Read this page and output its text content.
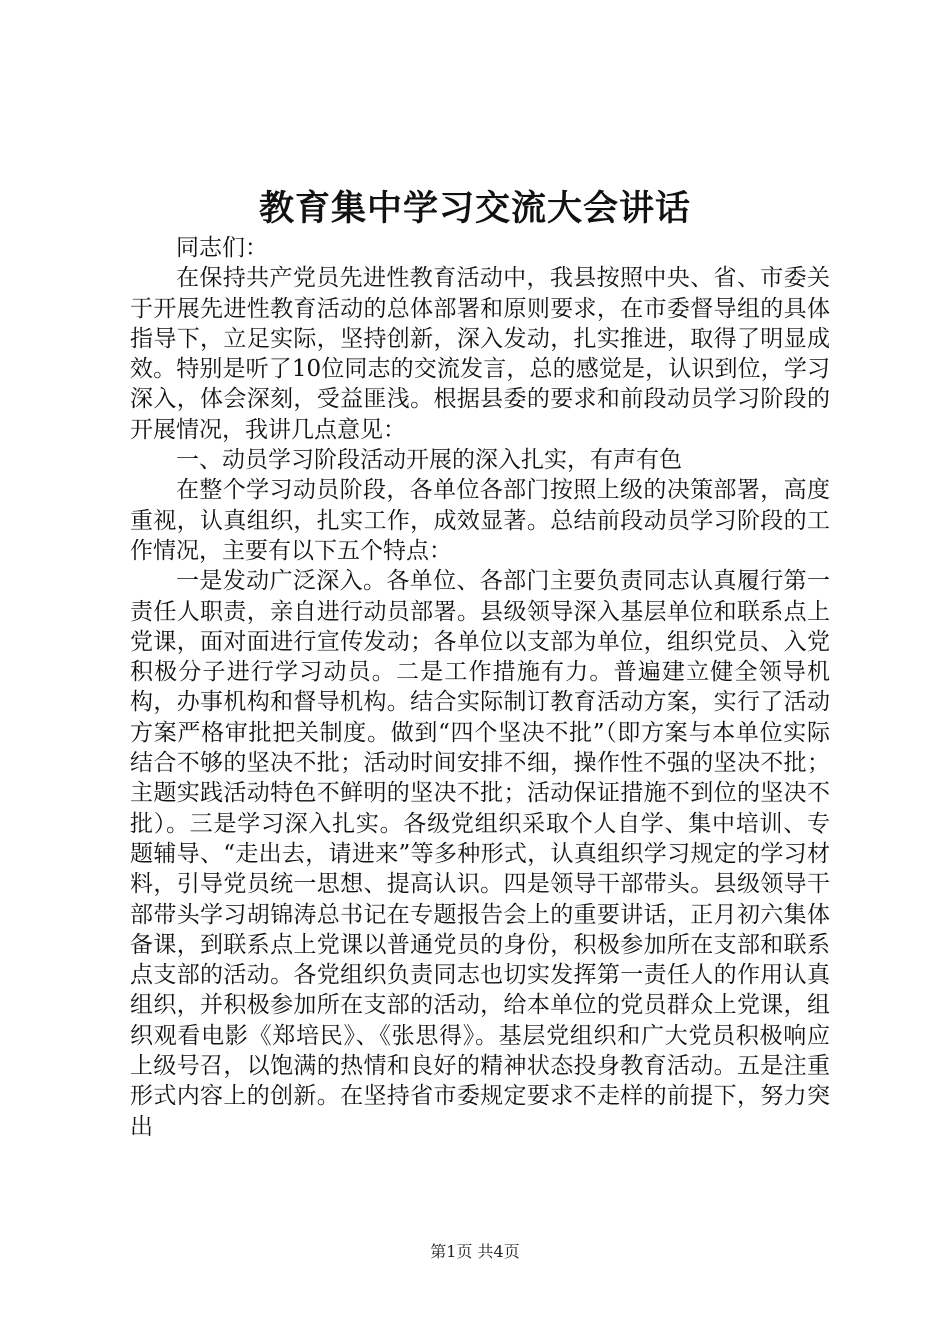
教育集中学习交流大会讲话

同志们：

在保持共产党员先进性教育活动中，我县按照中央、省、市委关于开展先进性教育活动的总体部署和原则要求，在市委督导组的具体指导下，立足实际，坚持创新，深入发动，扎实推进，取得了明显成效。特别是听了10位同志的交流发言，总的感觉是，认识到位，学习深入，体会深刻，受益匪浅。根据县委的要求和前段动员学习阶段的开展情况，我讲几点意见：

一、动员学习阶段活动开展的深入扎实，有声有色

在整个学习动员阶段，各单位各部门按照上级的决策部署，高度重视，认真组织，扎实工作，成效显著。总结前段动员学习阶段的工作情况，主要有以下五个特点：

一是发动广泛深入。各单位、各部门主要负责同志认真履行第一责任人职责，亲自进行动员部署。县级领导深入基层单位和联系点上党课，面对面进行宣传发动；各单位以支部为单位，组织党员、入党积极分子进行学习动员。二是工作措施有力。普遍建立健全领导机构，办事机构和督导机构。结合实际制订教育活动方案，实行了活动方案严格审批把关制度。做到“四个坚决不批”（即方案与本单位实际结合不够的坚决不批；活动时间安排不细，操作性不强的坚决不批；主题实践活动特色不鲜明的坚决不批；活动保证措施不到位的坚决不批）。三是学习深入扎实。各级党组织采取个人自学、集中培训、专题辅导、“走出去，请进来”等多种形式，认真组织学习规定的学习材料，引导党员统一思想、提高认识。四是领导干部带头。县级领导干部带头学习胡锦涛总书记在专题报告会上的重要讲话，正月初六集体备课，到联系点上党课以普通党员的身份，积极参加所在支部和联系点支部的活动。各党组织负责同志也切实发挥第一责任人的作用认真组织，并积极参加所在支部的活动，给本单位的党员群众上党课，组织观看电影《郑培民》、《张思得》。基层党组织和广大党员积极响应上级号召，以饱满的热情和良好的精神状态投身教育活动。五是注重形式内容上的创新。在坚持省市委规定要求不走样的前提下，努力突出

第1页 共4页
